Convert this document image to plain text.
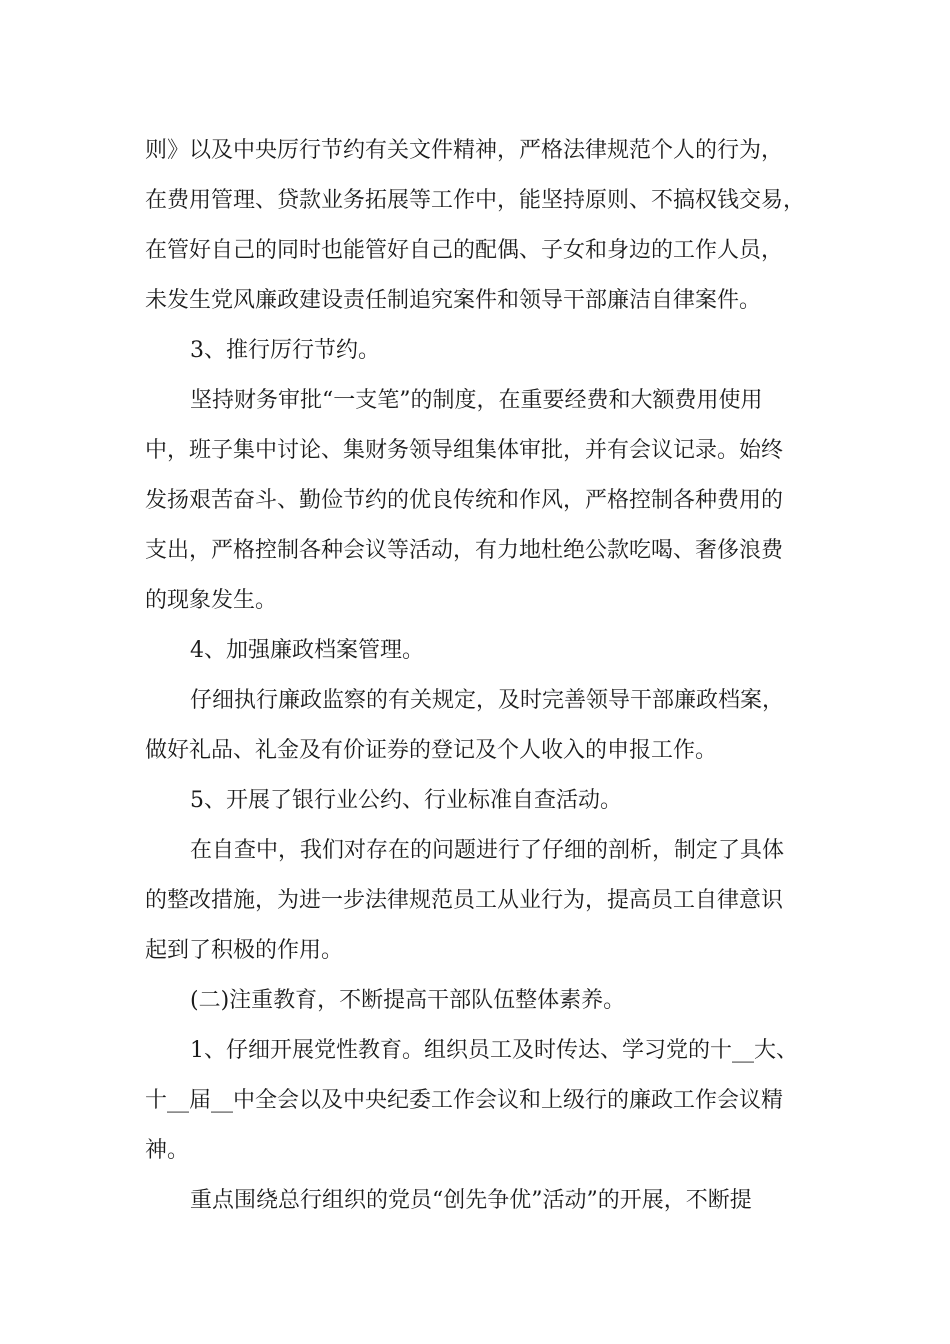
则》以及中央厉行节约有关文件精神，严格法律规范个人的行为，
在费用管理、贷款业务拓展等工作中，能坚持原则、不搞权钱交易，
在管好自己的同时也能管好自己的配偶、子女和身边的工作人员，
未发生党风廉政建设责任制追究案件和领导干部廉洁自律案件。
3、推行厉行节约。
坚持财务审批“一支笔”的制度，在重要经费和大额费用使用
中，班子集中讨论、集财务领导组集体审批，并有会议记录。始终
发扬艰苦奋斗、勤俭节约的优良传统和作风，严格控制各种费用的
支出，严格控制各种会议等活动，有力地杜绝公款吃喝、奢侈浪费
的现象发生。
4、加强廉政档案管理。
仔细执行廉政监察的有关规定，及时完善领导干部廉政档案，
做好礼品、礼金及有价证券的登记及个人收入的申报工作。
5、开展了银行业公约、行业标准自查活动。
在自查中，我们对存在的问题进行了仔细的剖析，制定了具体
的整改措施，为进一步法律规范员工从业行为，提高员工自律意识
起到了积极的作用。
(二)注重教育，不断提高干部队伍整体素养。
1、仔细开展党性教育。组织员工及时传达、学习党的十__大、
十__届__中全会以及中央纪委工作会议和上级行的廉政工作会议精
神。
重点围绕总行组织的党员“创先争优”活动”的开展，不断提
